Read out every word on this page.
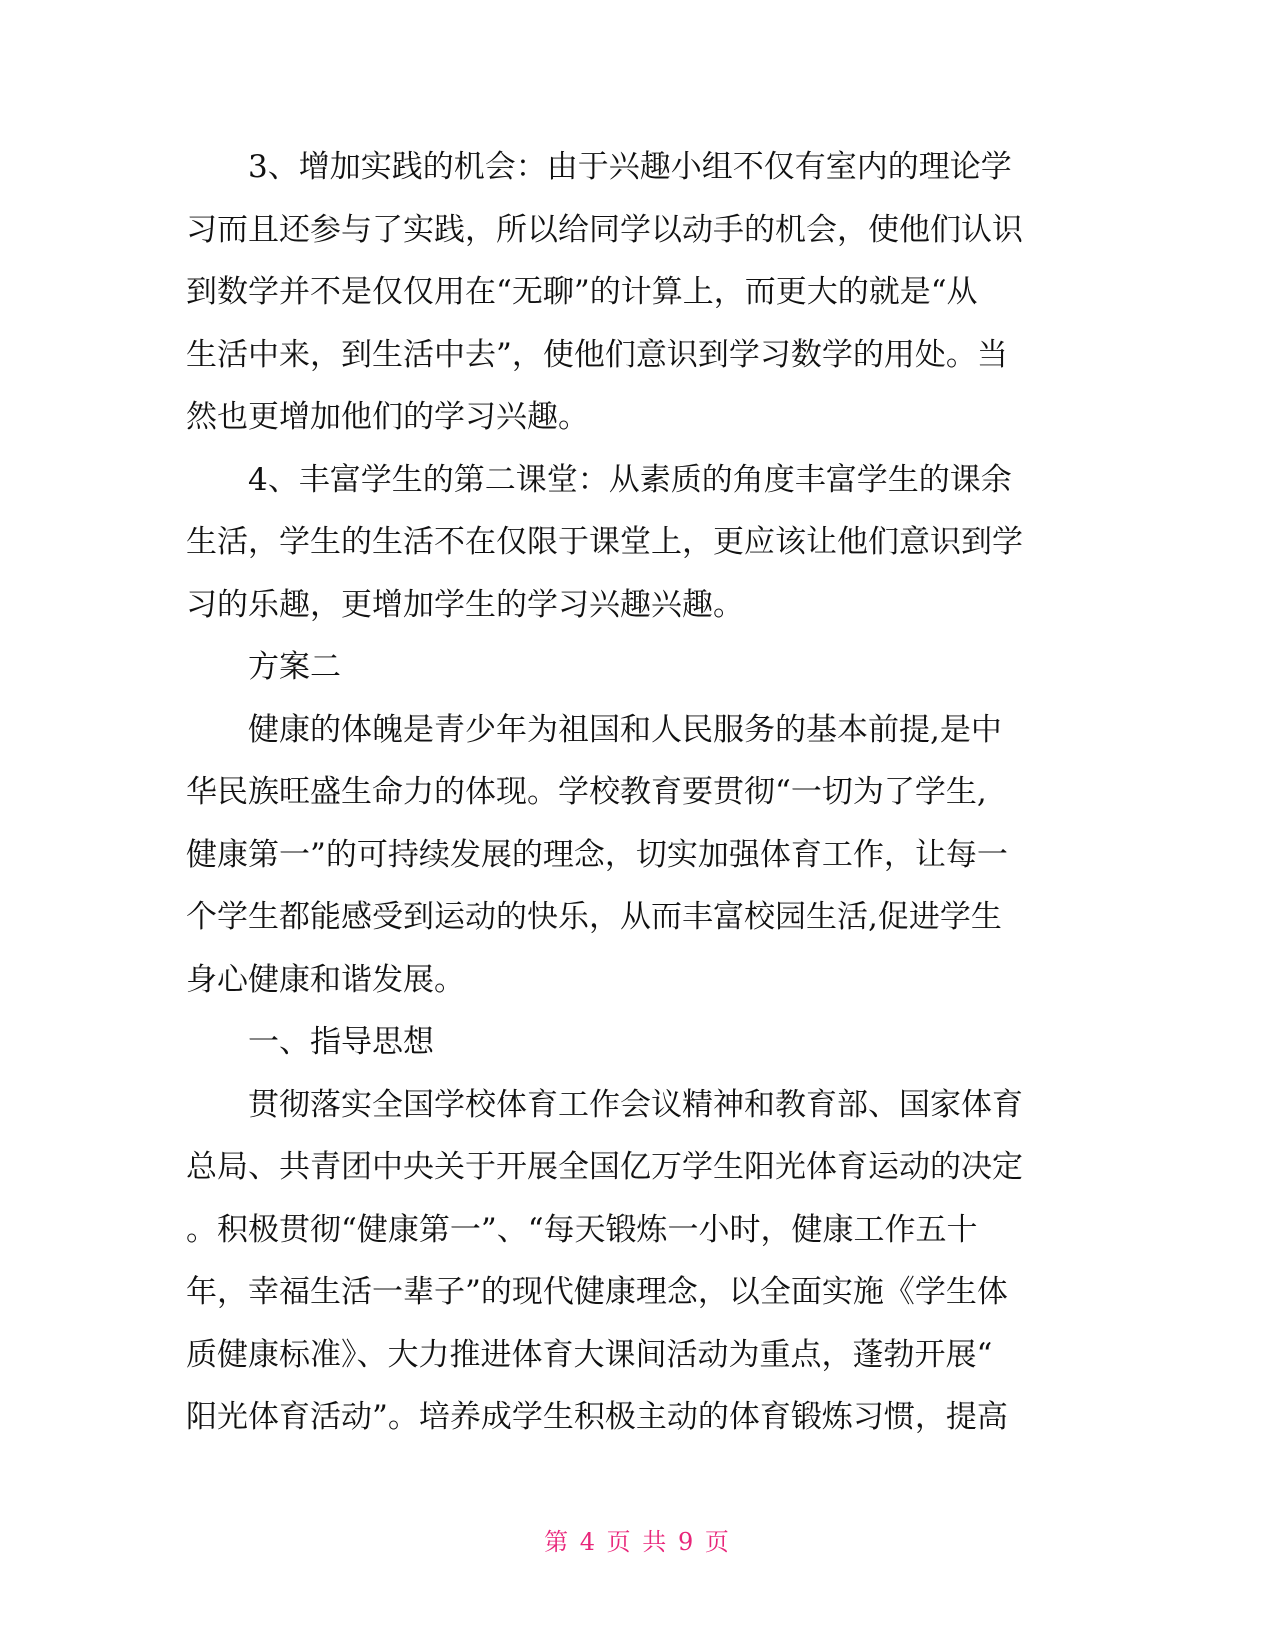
　　3、增加实践的机会：由于兴趣小组不仅有室内的理论学
习而且还参与了实践，所以给同学以动手的机会，使他们认识
到数学并不是仅仅用在“无聊”的计算上，而更大的就是“从
生活中来，到生活中去”，使他们意识到学习数学的用处。当
然也更增加他们的学习兴趣。
　　4、丰富学生的第二课堂：从素质的角度丰富学生的课余
生活，学生的生活不在仅限于课堂上，更应该让他们意识到学
习的乐趣，更增加学生的学习兴趣兴趣。
　　方案二
　　健康的体魄是青少年为祖国和人民服务的基本前提,是中
华民族旺盛生命力的体现。学校教育要贯彻“一切为了学生,
健康第一”的可持续发展的理念，切实加强体育工作，让每一
个学生都能感受到运动的快乐，从而丰富校园生活,促进学生
身心健康和谐发展。
　　一、指导思想
　　贯彻落实全国学校体育工作会议精神和教育部、国家体育
总局、共青团中央关于开展全国亿万学生阳光体育运动的决定
。积极贯彻“健康第一”、“每天锻炼一小时，健康工作五十
年，幸福生活一辈子”的现代健康理念，以全面实施《学生体
质健康标准》、大力推进体育大课间活动为重点，蓬勃开展“
阳光体育活动”。培养成学生积极主动的体育锻炼习惯，提高
第 4 页 共 9 页
